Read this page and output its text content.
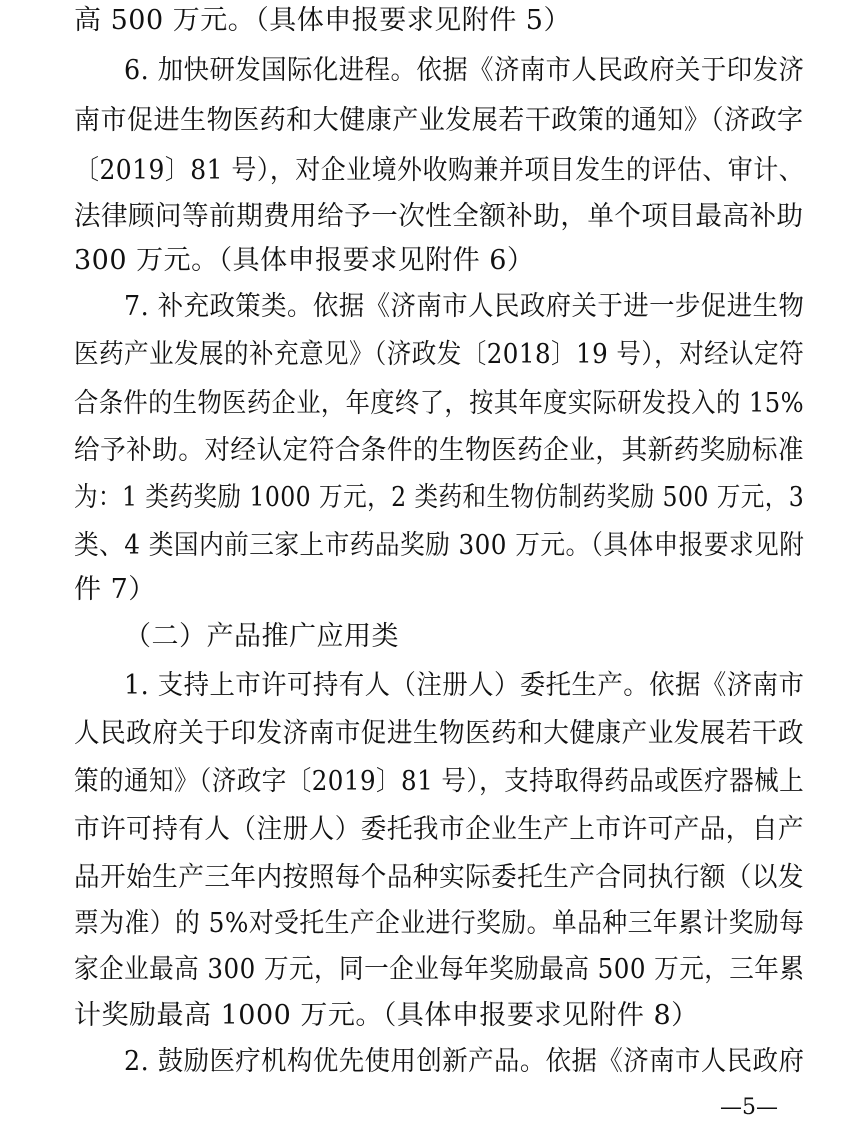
高 500 万元。（具体申报要求见附件 5）
6. 加快研发国际化进程。依据《济南市人民政府关于印发济
南市促进生物医药和大健康产业发展若干政策的通知》（济政字
〔2019〕81 号），对企业境外收购兼并项目发生的评估、审计、
法律顾问等前期费用给予一次性全额补助，单个项目最高补助
300 万元。（具体申报要求见附件 6）
7. 补充政策类。依据《济南市人民政府关于进一步促进生物
医药产业发展的补充意见》（济政发〔2018〕19 号），对经认定符
合条件的生物医药企业，年度终了，按其年度实际研发投入的 15%
给予补助。对经认定符合条件的生物医药企业，其新药奖励标准
为：1 类药奖励 1000 万元，2 类药和生物仿制药奖励 500 万元，3
类、4 类国内前三家上市药品奖励 300 万元。（具体申报要求见附
件 7）
（二）产品推广应用类
1. 支持上市许可持有人（注册人）委托生产。依据《济南市
人民政府关于印发济南市促进生物医药和大健康产业发展若干政
策的通知》（济政字〔2019〕81 号），支持取得药品或医疗器械上
市许可持有人（注册人）委托我市企业生产上市许可产品，自产
品开始生产三年内按照每个品种实际委托生产合同执行额（以发
票为准）的 5%对受托生产企业进行奖励。单品种三年累计奖励每
家企业最高 300 万元，同一企业每年奖励最高 500 万元，三年累
计奖励最高 1000 万元。（具体申报要求见附件 8）
2. 鼓励医疗机构优先使用创新产品。依据《济南市人民政府
—5—
